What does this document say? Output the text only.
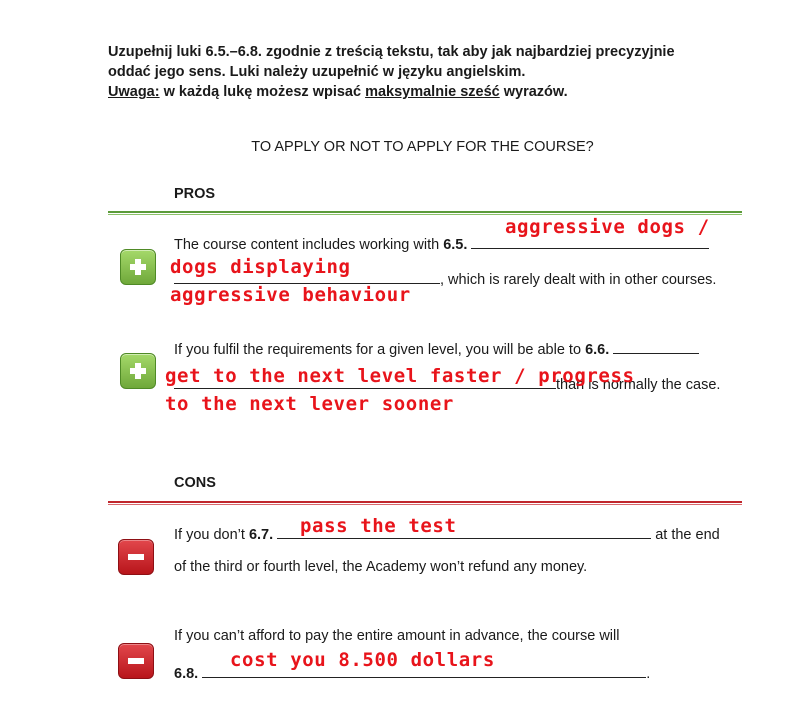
Uzupełnij luki 6.5.–6.8. zgodnie z treścią tekstu, tak aby jak najbardziej precyzyjnie
oddać jego sens. Luki należy uzupełnić w języku angielskim.
Uwaga: w każdą lukę możesz wpisać maksymalnie sześć wyrazów.
TO APPLY OR NOT TO APPLY FOR THE COURSE?
PROS
aggressive dogs /
The course content includes working with 6.5.
dogs displaying
, which is rarely dealt with in other courses.
aggressive behaviour
If you fulfil the requirements for a given level, you will be able to 6.6.
than is normally the case.
get to the next level faster / progress
to the next lever sooner
CONS
pass the test
If you don’t 6.7.	at the end
of the third or fourth level, the Academy won’t refund any money.
If you can’t afford to pay the entire amount in advance, the course will
cost you 8.500 dollars
6.8.	.
